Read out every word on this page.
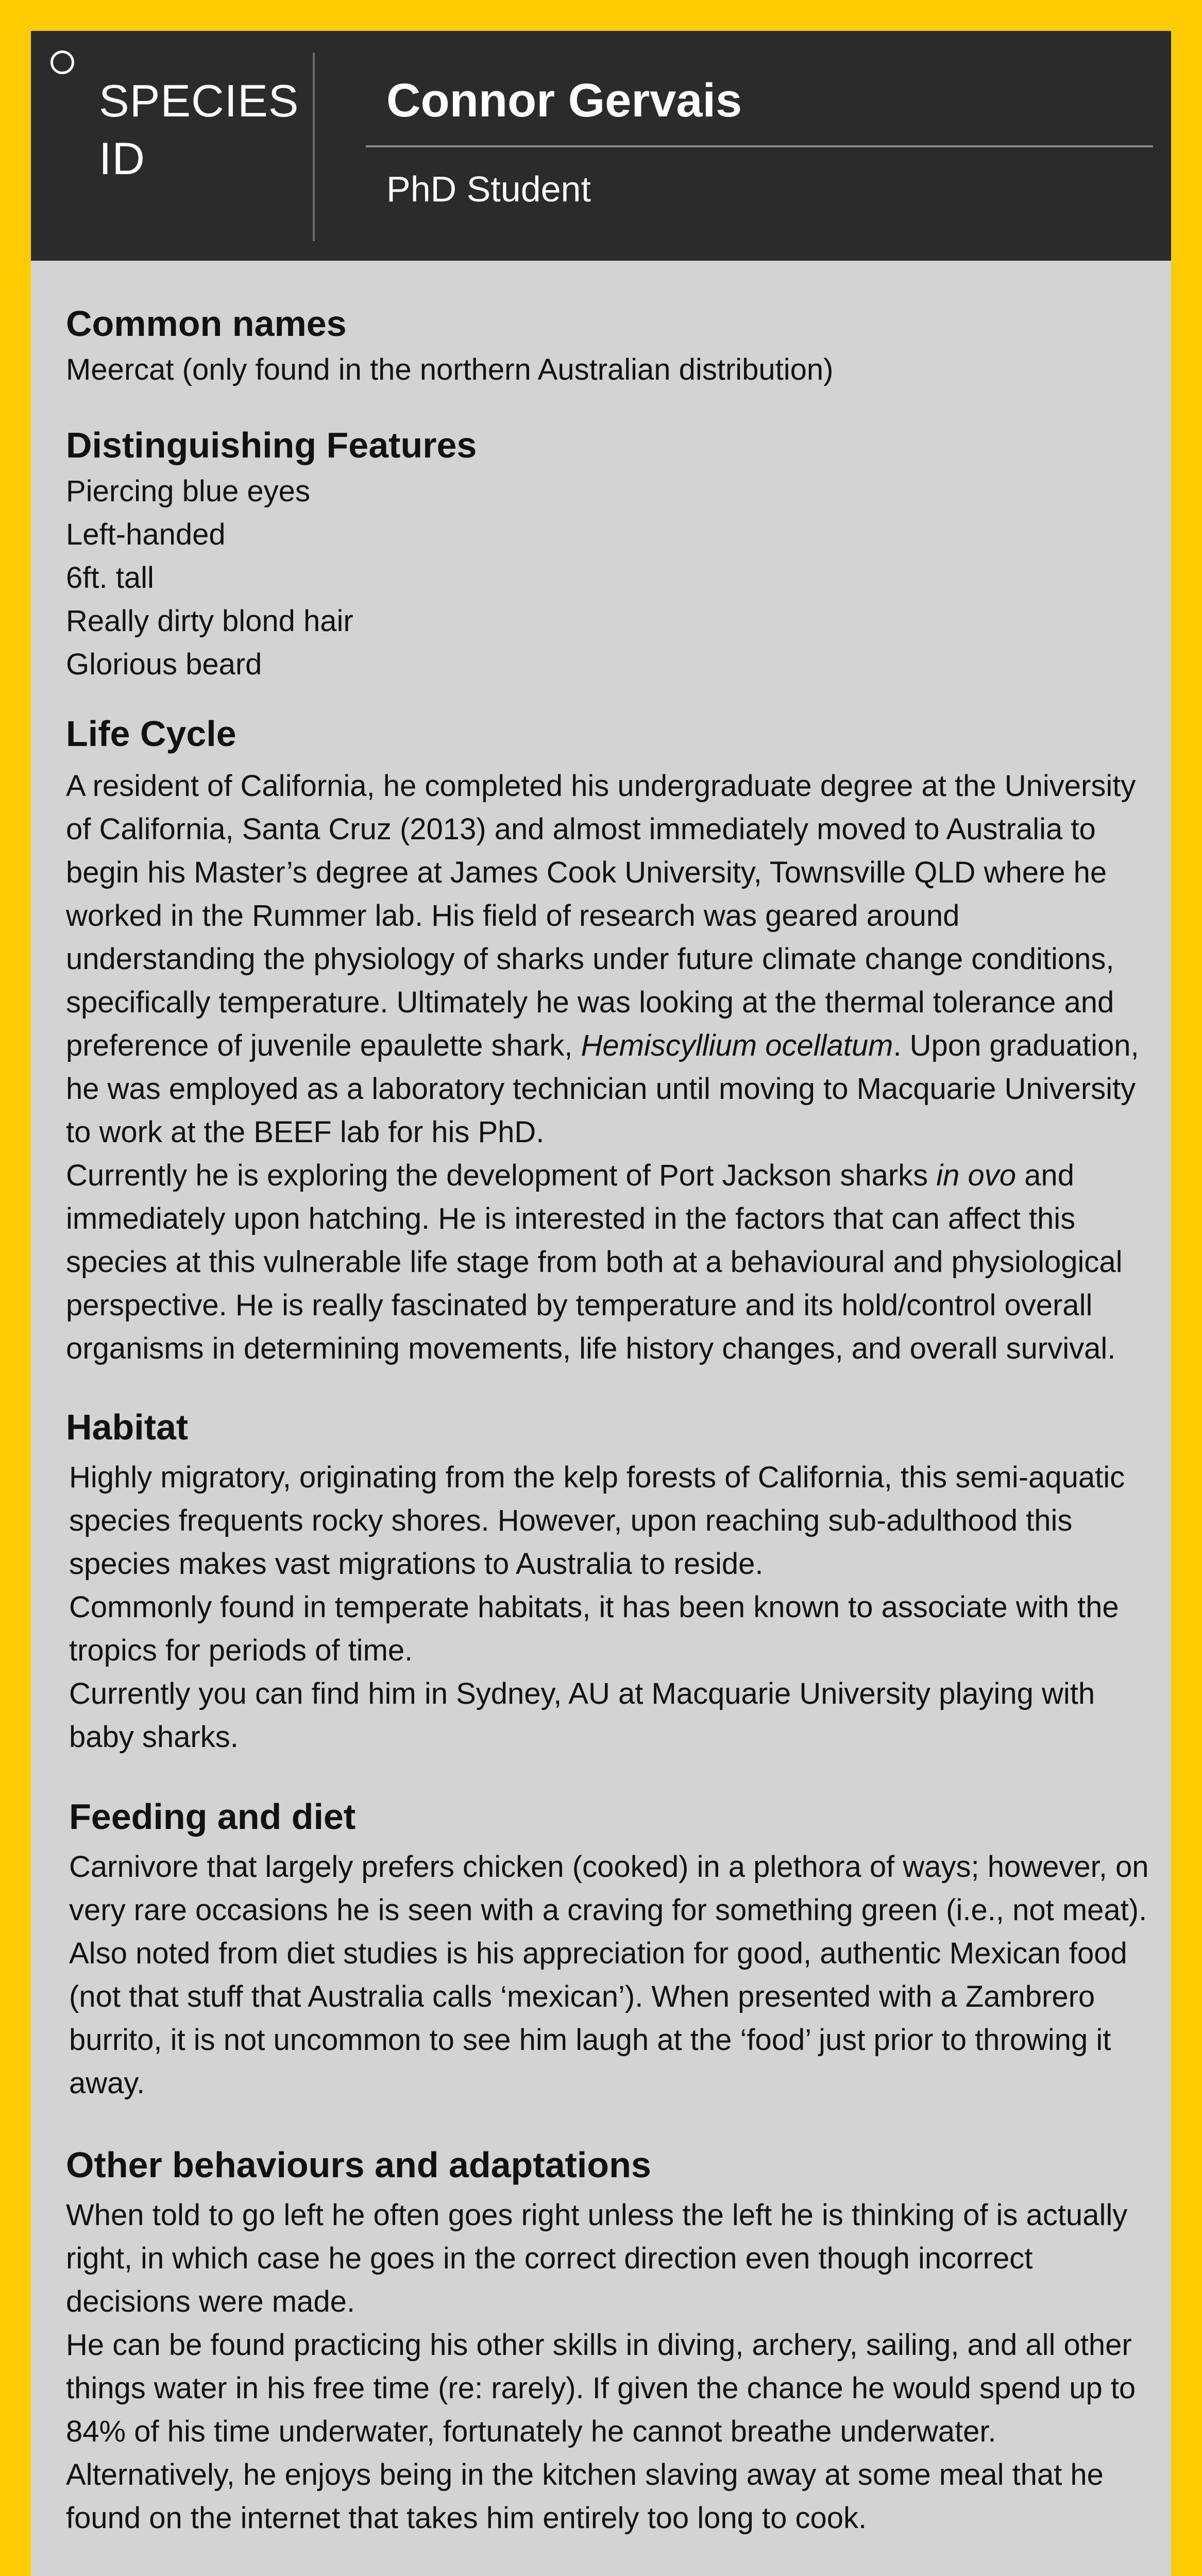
SPECIES ID
Connor Gervais
PhD Student
Common names

Meercat (only found in the northern Australian distribution)

Distinguishing Features

Piercing blue eyes

Left-handed

6ft. tall

Really dirty blond hair

Glorious beard

Life Cycle

A resident of California, he completed his undergraduate degree at the University of California, Santa Cruz (2013) and almost immediately moved to Australia to begin his Master’s degree at James Cook University, Townsville QLD where he worked in the Rummer lab. His field of research was geared around understanding the physiology of sharks under future climate change conditions, specifically temperature. Ultimately he was looking at the thermal tolerance and preference of juvenile epaulette shark, Hemiscyllium ocellatum. Upon graduation, he was employed as a laboratory technician until moving to Macquarie University to work at the BEEF lab for his PhD.

Currently he is exploring the development of Port Jackson sharks in ovo and immediately upon hatching. He is interested in the factors that can affect this species at this vulnerable life stage from both at a behavioural and physiological perspective. He is really fascinated by temperature and its hold/control overall organisms in determining movements, life history changes, and overall survival.

Habitat

Highly migratory, originating from the kelp forests of California, this semi-aquatic species frequents rocky shores. However, upon reaching sub-adulthood this species makes vast migrations to Australia to reside.

Commonly found in temperate habitats, it has been known to associate with the tropics for periods of time.

Currently you can find him in Sydney, AU at Macquarie University playing with baby sharks.

Feeding and diet

Carnivore that largely prefers chicken (cooked) in a plethora of ways; however, on very rare occasions he is seen with a craving for something green (i.e., not meat).

Also noted from diet studies is his appreciation for good, authentic Mexican food (not that stuff that Australia calls ‘mexican’). When presented with a Zambrero burrito, it is not uncommon to see him laugh at the ‘food’ just prior to throwing it away.

Other behaviours and adaptations

When told to go left he often goes right unless the left he is thinking of is actually right, in which case he goes in the correct direction even though incorrect decisions were made.

He can be found practicing his other skills in diving, archery, sailing, and all other things water in his free time (re: rarely). If given the chance he would spend up to 84% of his time underwater, fortunately he cannot breathe underwater.

Alternatively, he enjoys being in the kitchen slaving away at some meal that he found on the internet that takes him entirely too long to cook.
